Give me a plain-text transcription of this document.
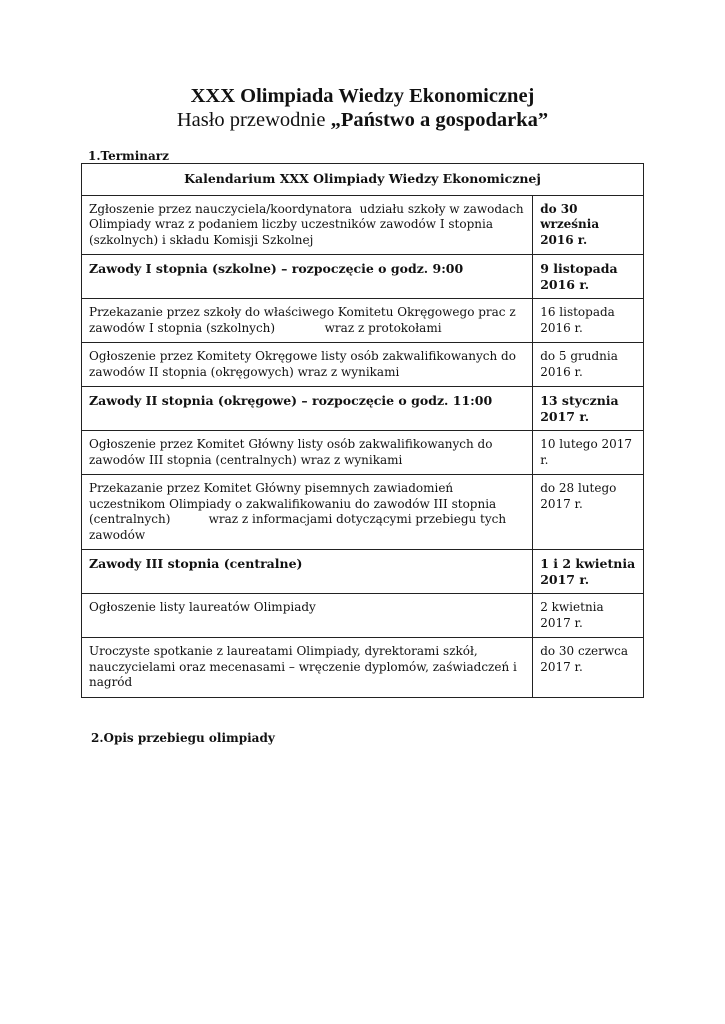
XXX Olimpiada Wiedzy Ekonomicznej
Hasło przewodnie „Państwo a gospodarka”
1.Terminarz
Kalendarium XXX Olimpiady Wiedzy Ekonomicznej	
Zgłoszenie przez nauczyciela/koordynatora  udziału szkoły w zawodach Olimpiady wraz z podaniem liczby uczestników zawodów I stopnia (szkolnych) i składu Komisji Szkolnej	do 30 września 2016 r.
Zawody I stopnia (szkolne) – rozpoczęcie o godz. 9:00	9 listopada 2016 r.
Przekazanie przez szkoły do właściwego Komitetu Okręgowego prac z zawodów I stopnia (szkolnych)             wraz z protokołami	16 listopada 2016 r.
Ogłoszenie przez Komitety Okręgowe listy osób zakwalifikowanych do zawodów II stopnia (okręgowych) wraz z wynikami	do 5 grudnia 2016 r.
Zawody II stopnia (okręgowe) – rozpoczęcie o godz. 11:00	13 stycznia 2017 r.
Ogłoszenie przez Komitet Główny listy osób zakwalifikowanych do zawodów III stopnia (centralnych) wraz z wynikami	10 lutego 2017 r.
Przekazanie przez Komitet Główny pisemnych zawiadomień uczestnikom Olimpiady o zakwalifikowaniu do zawodów III stopnia (centralnych)          wraz z informacjami dotyczącymi przebiegu tych zawodów	do 28 lutego 2017 r.
Zawody III stopnia (centralne)	1 i 2 kwietnia 2017 r.
Ogłoszenie listy laureatów Olimpiady	2 kwietnia 2017 r.
Uroczyste spotkanie z laureatami Olimpiady, dyrektorami szkół, nauczycielami oraz mecenasami – wręczenie dyplomów, zaświadczeń i nagród	do 30 czerwca 2017 r.
2.Opis przebiegu olimpiady
